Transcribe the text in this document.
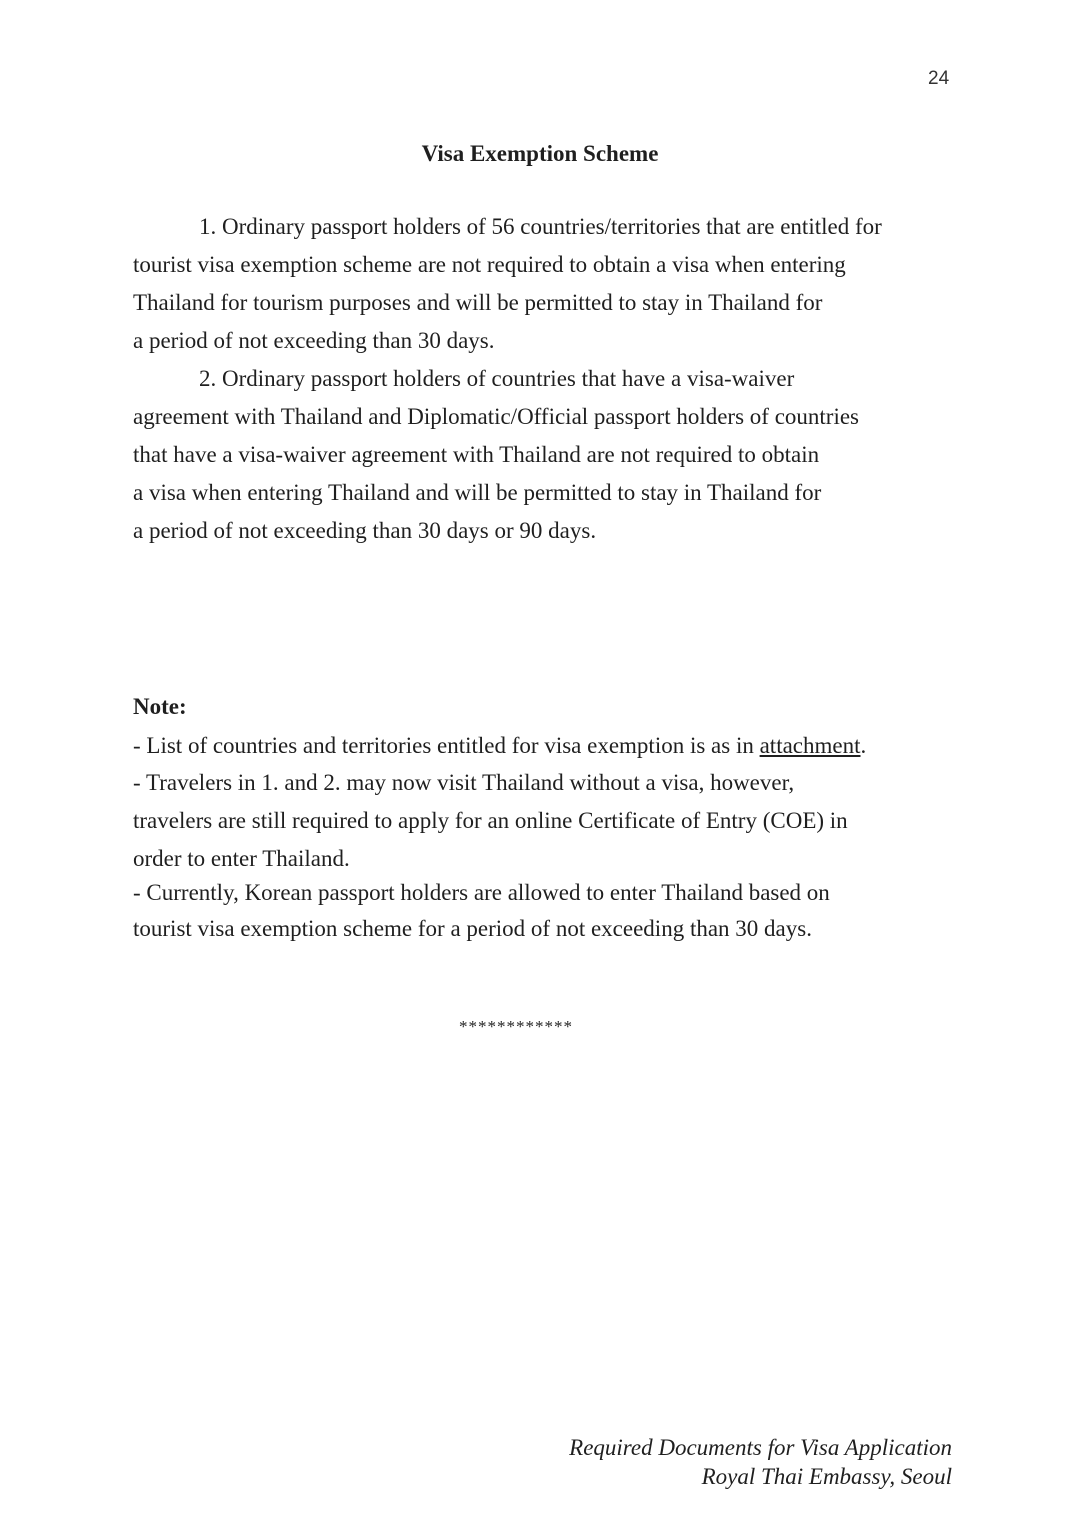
24
Visa Exemption Scheme
1. Ordinary passport holders of 56 countries/territories that are entitled for
tourist visa exemption scheme are not required to obtain a visa when entering
Thailand for tourism purposes and will be permitted to stay in Thailand for
a period of not exceeding than 30 days.
2. Ordinary passport holders of countries that have a visa-waiver
agreement with Thailand and Diplomatic/Official passport holders of countries
that have a visa-waiver agreement with Thailand are not required to obtain
a visa when entering Thailand and will be permitted to stay in Thailand for
a period of not exceeding than 30 days or 90 days.
Note:
- List of countries and territories entitled for visa exemption is as in attachment.
- Travelers in 1. and 2. may now visit Thailand without a visa, however,
travelers are still required to apply for an online Certificate of Entry (COE) in
order to enter Thailand.
- Currently, Korean passport holders are allowed to enter Thailand based on
tourist visa exemption scheme for a period of not exceeding than 30 days.
************
Required Documents for Visa Application
Royal Thai Embassy, Seoul
